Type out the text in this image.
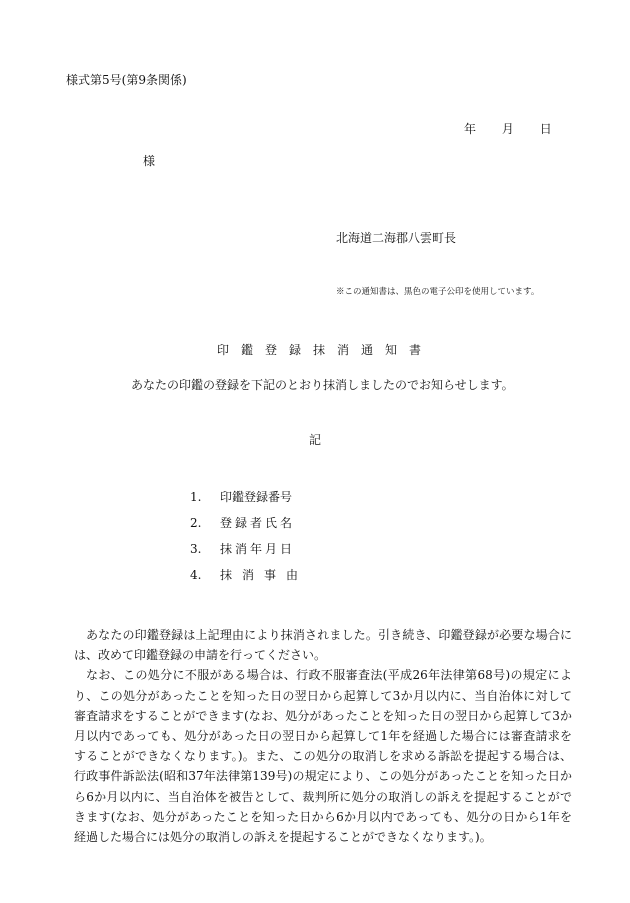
様式第5号(第9条関係)
年 月 日
様
北海道二海郡八雲町長
※この通知書は、黒色の電子公印を使用しています。
印鑑登録抹消通知書
あなたの印鑑の登録を下記のとおり抹消しましたのでお知らせします。
記
1. 印鑑登録番号
2. 登録者氏名
3. 抹消年月日
4. 抹消事由

あなたの印鑑登録は上記理由により抹消されました。引き続き、印鑑登録が必要な場合には、改めて印鑑登録の申請を行ってください。

なお、この処分に不服がある場合は、行政不服審査法(平成26年法律第68号)の規定により、この処分があったことを知った日の翌日から起算して3か月以内に、当自治体に対して審査請求をすることができます(なお、処分があったことを知った日の翌日から起算して3か月以内であっても、処分があった日の翌日から起算して1年を経過した場合には審査請求をすることができなくなります。)。また、この処分の取消しを求める訴訟を提起する場合は、行政事件訴訟法(昭和37年法律第139号)の規定により、この処分があったことを知った日から6か月以内に、当自治体を被告として、裁判所に処分の取消しの訴えを提起することができます(なお、処分があったことを知った日から6か月以内であっても、処分の日から1年を経過した場合には処分の取消しの訴えを提起することができなくなります。)。
